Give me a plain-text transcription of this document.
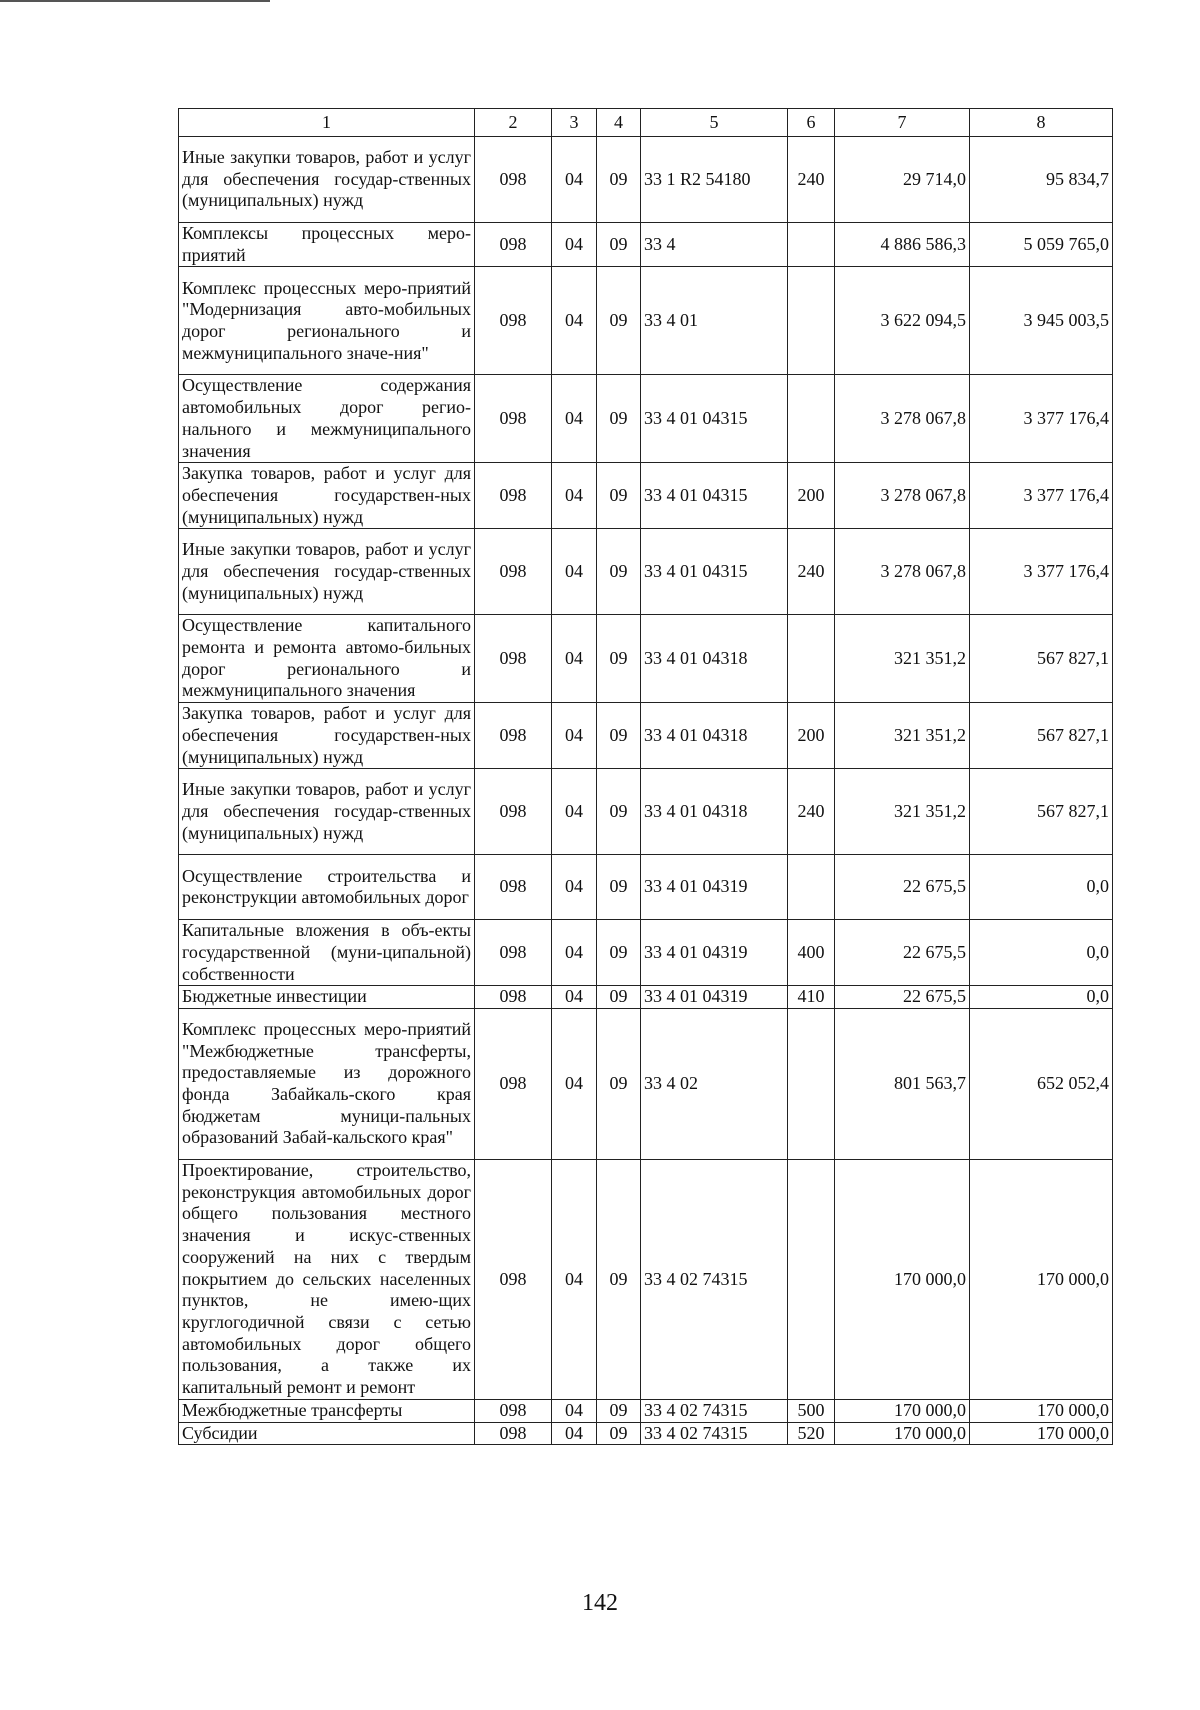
1	2	3	4	5	6	7	8
Иные закупки товаров, работ и услуг для обеспечения государ-ственных (муниципальных) нужд	098	04	09	33 1 R2 54180	240	29 714,0	95 834,7
Комплексы процессных меро-приятий	098	04	09	33 4		4 886 586,3	5 059 765,0
Комплекс процессных меро-приятий "Модернизация авто-мобильных дорог регионального и межмуниципального значе-ния"	098	04	09	33 4 01		3 622 094,5	3 945 003,5
Осуществление содержания автомобильных дорог регио-нального и межмуниципального значения	098	04	09	33 4 01 04315		3 278 067,8	3 377 176,4
Закупка товаров, работ и услуг для обеспечения государствен-ных (муниципальных) нужд	098	04	09	33 4 01 04315	200	3 278 067,8	3 377 176,4
Иные закупки товаров, работ и услуг для обеспечения государ-ственных (муниципальных) нужд	098	04	09	33 4 01 04315	240	3 278 067,8	3 377 176,4
Осуществление капитального ремонта и ремонта автомо-бильных дорог регионального и межмуниципального значения	098	04	09	33 4 01 04318		321 351,2	567 827,1
Закупка товаров, работ и услуг для обеспечения государствен-ных (муниципальных) нужд	098	04	09	33 4 01 04318	200	321 351,2	567 827,1
Иные закупки товаров, работ и услуг для обеспечения государ-ственных (муниципальных) нужд	098	04	09	33 4 01 04318	240	321 351,2	567 827,1
Осуществление строительства и реконструкции автомобильных дорог	098	04	09	33 4 01 04319		22 675,5	0,0
Капитальные вложения в объ-екты государственной (муни-ципальной) собственности	098	04	09	33 4 01 04319	400	22 675,5	0,0
Бюджетные инвестиции	098	04	09	33 4 01 04319	410	22 675,5	0,0
Комплекс процессных меро-приятий "Межбюджетные трансферты, предоставляемые из дорожного фонда Забайкаль-ского края бюджетам муници-пальных образований Забай-кальского края"	098	04	09	33 4 02		801 563,7	652 052,4
Проектирование, строительство, реконструкция автомобильных дорог общего пользования местного значения и искус-ственных сооружений на них с твердым покрытием до сельских населенных пунктов, не имею-щих круглогодичной связи с сетью автомобильных дорог общего пользования, а также их капитальный ремонт и ремонт	098	04	09	33 4 02 74315		170 000,0	170 000,0
Межбюджетные трансферты	098	04	09	33 4 02 74315	500	170 000,0	170 000,0
Субсидии	098	04	09	33 4 02 74315	520	170 000,0	170 000,0
142
